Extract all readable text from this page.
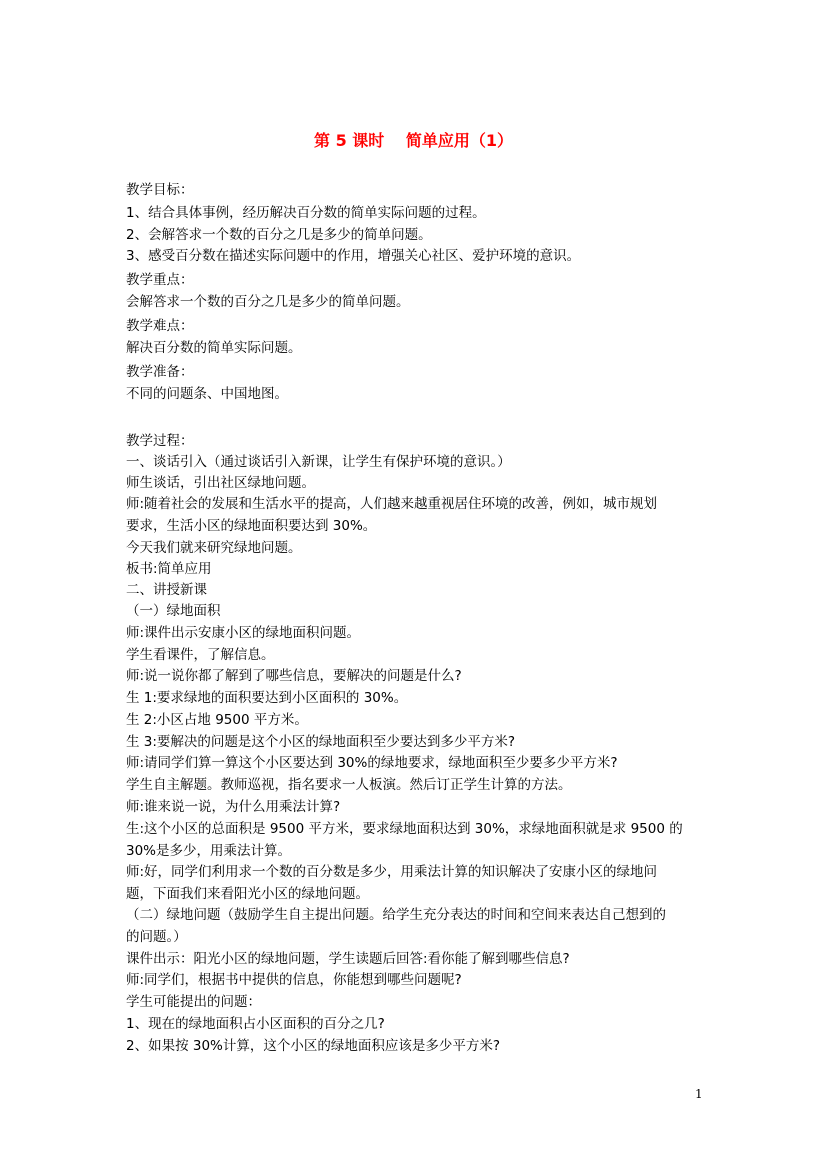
第 5 课时　 简单应用（1）
教学目标：
1、结合具体事例，经历解决百分数的简单实际问题的过程。
2、会解答求一个数的百分之几是多少的简单问题。
3、感受百分数在描述实际问题中的作用，增强关心社区、爱护环境的意识。
教学重点：
会解答求一个数的百分之几是多少的简单问题。
教学难点：
解决百分数的简单实际问题。
教学准备：
不同的问题条、中国地图。
教学过程：
一、谈话引入（通过谈话引入新课，让学生有保护环境的意识。）
师生谈话，引出社区绿地问题。
师:随着社会的发展和生活水平的提高，人们越来越重视居住环境的改善，例如，城市规划
要求，生活小区的绿地面积要达到 30%。
今天我们就来研究绿地问题。
板书:简单应用
二、讲授新课
（一）绿地面积
师:课件出示安康小区的绿地面积问题。
学生看课件，了解信息。
师:说一说你都了解到了哪些信息，要解决的问题是什么?
生 1:要求绿地的面积要达到小区面积的 30%。
生 2:小区占地 9500 平方米。
生 3:要解决的问题是这个小区的绿地面积至少要达到多少平方米?
师:请同学们算一算这个小区要达到 30%的绿地要求，绿地面积至少要多少平方米?
学生自主解题。教师巡视，指名要求一人板演。然后订正学生计算的方法。
师:谁来说一说，为什么用乘法计算?
生:这个小区的总面积是 9500 平方米，要求绿地面积达到 30%，求绿地面积就是求 9500 的
30%是多少，用乘法计算。
师:好，同学们利用求一个数的百分数是多少，用乘法计算的知识解决了安康小区的绿地问
题，下面我们来看阳光小区的绿地问题。
（二）绿地问题（鼓励学生自主提出问题。给学生充分表达的时间和空间来表达自己想到的
的问题。）
课件出示：阳光小区的绿地问题，学生读题后回答:看你能了解到哪些信息?
师:同学们，根据书中提供的信息，你能想到哪些问题呢?
学生可能提出的问题：
1、现在的绿地面积占小区面积的百分之几?
2、如果按 30%计算，这个小区的绿地面积应该是多少平方米?
1
